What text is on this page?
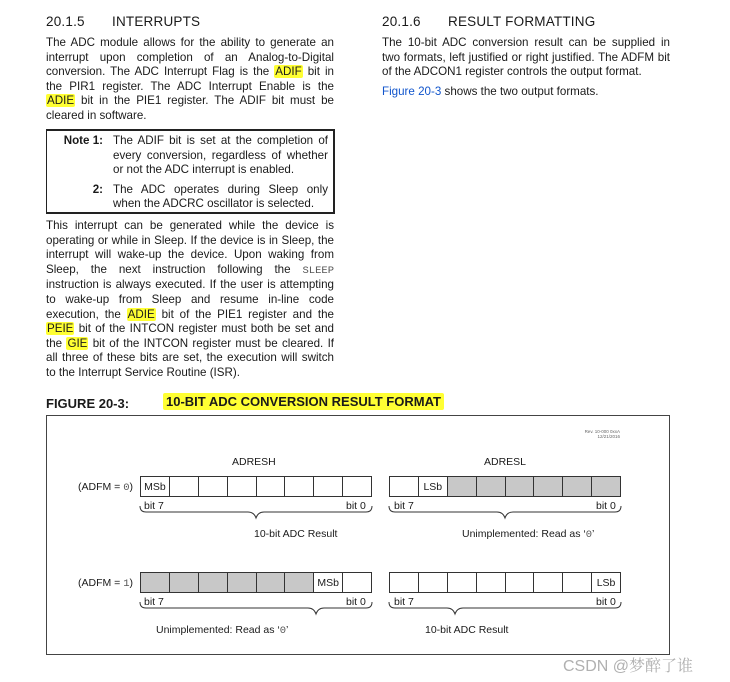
20.1.5 INTERRUPTS
The ADC module allows for the ability to generate an interrupt upon completion of an Analog-to-Digital conversion. The ADC Interrupt Flag is the ADIF bit in the PIR1 register. The ADC Interrupt Enable is the ADIE bit in the PIE1 register. The ADIF bit must be cleared in software.
Note 1: The ADIF bit is set at the completion of every conversion, regardless of whether or not the ADC interrupt is enabled.
2: The ADC operates during Sleep only when the ADCRC oscillator is selected.
This interrupt can be generated while the device is operating or while in Sleep. If the device is in Sleep, the interrupt will wake-up the device. Upon waking from Sleep, the next instruction following the SLEEP instruction is always executed. If the user is attempting to wake-up from Sleep and resume in-line code execution, the ADIE bit of the PIE1 register and the PEIE bit of the INTCON register must both be set and the GIE bit of the INTCON register must be cleared. If all three of these bits are set, the execution will switch to the Interrupt Service Routine (ISR).
20.1.6 RESULT FORMATTING
The 10-bit ADC conversion result can be supplied in two formats, left justified or right justified. The ADFM bit of the ADCON1 register controls the output format.
Figure 20-3 shows the two output formats.
FIGURE 20-3:	10-BIT ADC CONVERSION RESULT FORMAT
Rev. 10-000 0xxA
12/21/2016
ADRESH	ADRESL
(ADFM = 0) MSb	LSb
bit 7	bit 0	bit 7	bit 0
10-bit ADC Result	Unimplemented: Read as ‘0’
(ADFM = 1)	MSb	LSb
bit 7	bit 0	bit 7	bit 0
Unimplemented: Read as ‘0’	10-bit ADC Result
CSDN @梦醉了谁
